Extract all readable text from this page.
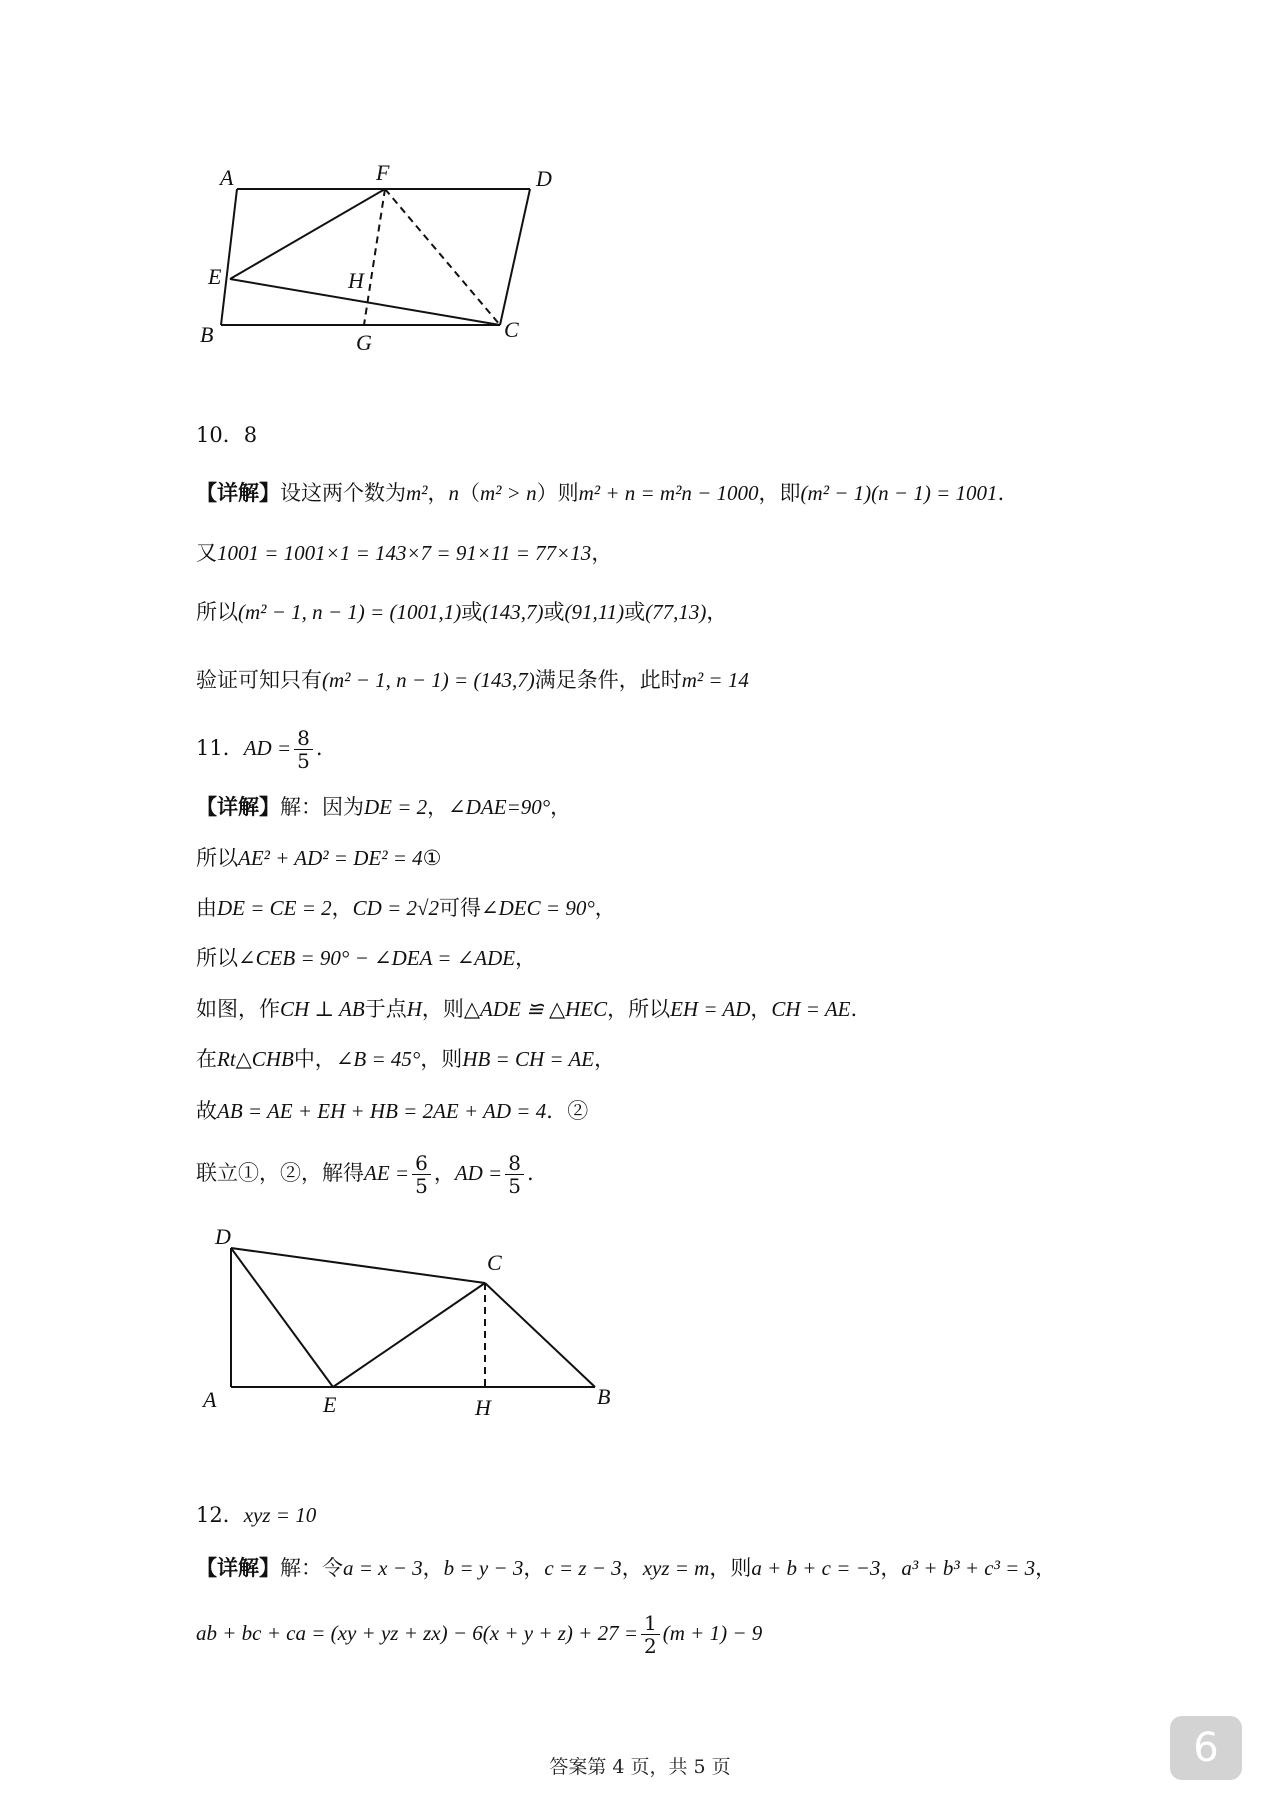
A	F	D
E	H
B	G
C
10．8
【详解】设这两个数为m²，n（m² > n）则m² + n = m²n − 1000，即(m² − 1)(n − 1) = 1001.
又1001 = 1001×1 = 143×7 = 91×11 = 77×13，
所以(m² − 1, n − 1) = (1001,1)或(143,7)或(91,11)或(77,13)，
验证可知只有(m² − 1, n − 1) = (143,7)满足条件，此时m² = 14
11．AD = $\frac{8}{5}$ .
【详解】解：因为DE = 2，∠DAE=90°，
所以AE² + AD² = DE² = 4①
由DE = CE = 2，CD = 2√2可得∠DEC = 90°，
所以∠CEB = 90° − ∠DEA = ∠ADE，
如图，作CH ⊥ AB于点H，则△ADE ≌ △HEC，所以EH = AD，CH = AE.
在Rt△CHB中，∠B = 45°，则HB = CH = AE，
故AB = AE + EH + HB = 2AE + AD = 4．②
联立①，②，解得AE = $\frac{6}{5}$ ，AD = $\frac{8}{5}$ .
D
C
A	E	H	B
12．xyz = 10
【详解】解：令a = x − 3，b = y − 3，c = z − 3，xyz = m，则a + b + c = −3，a³ + b³ + c³ = 3，
ab + bc + ca = (xy + yz + $zx) - 6(x + y + z) + 27 = \frac{1}{2} (m + 1) - 9$
答案第 4 页，共 5 页	6
